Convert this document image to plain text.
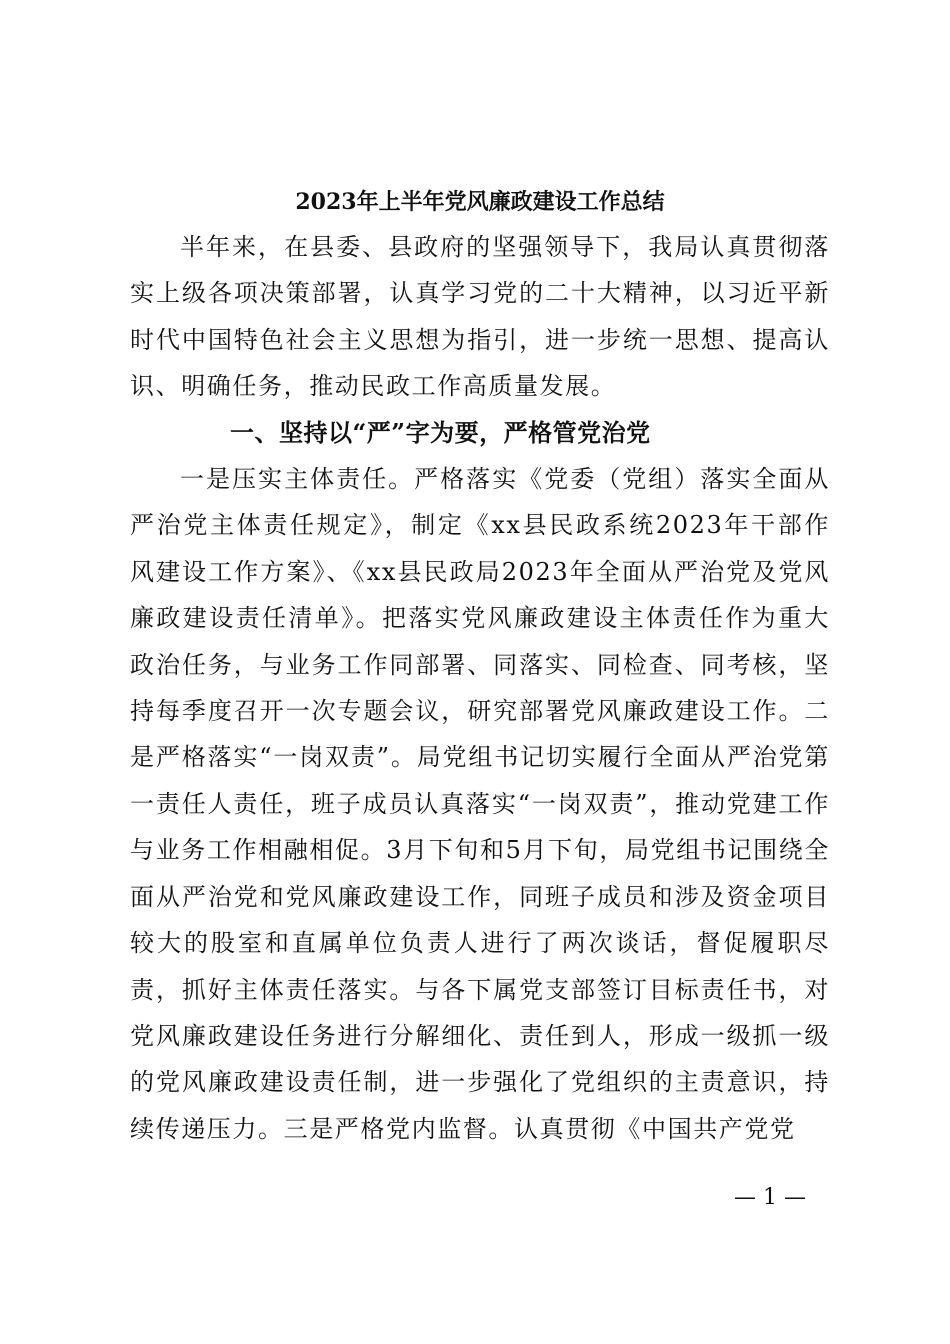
2023年上半年党风廉政建设工作总结

半年来，在县委、县政府的坚强领导下，我局认真贯彻落实上级各项决策部署，认真学习党的二十大精神，以习近平新时代中国特色社会主义思想为指引，进一步统一思想、提高认识、明确任务，推动民政工作高质量发展。

一、坚持以“严”字为要，严格管党治党

一是压实主体责任。严格落实《党委（党组）落实全面从严治党主体责任规定》，制定《xx县民政系统2023年干部作风建设工作方案》、《xx县民政局2023年全面从严治党及党风廉政建设责任清单》。把落实党风廉政建设主体责任作为重大政治任务，与业务工作同部署、同落实、同检查、同考核，坚持每季度召开一次专题会议，研究部署党风廉政建设工作。二是严格落实“一岗双责”。局党组书记切实履行全面从严治党第一责任人责任，班子成员认真落实“一岗双责”，推动党建工作与业务工作相融相促。3月下旬和5月下旬，局党组书记围绕全面从严治党和党风廉政建设工作，同班子成员和涉及资金项目较大的股室和直属单位负责人进行了两次谈话，督促履职尽责，抓好主体责任落实。与各下属党支部签订目标责任书，对党风廉政建设任务进行分解细化、责任到人，形成一级抓一级的党风廉政建设责任制，进一步强化了党组织的主责意识，持续传递压力。三是严格党内监督。认真贯彻《中国共产党党

— 1 —
